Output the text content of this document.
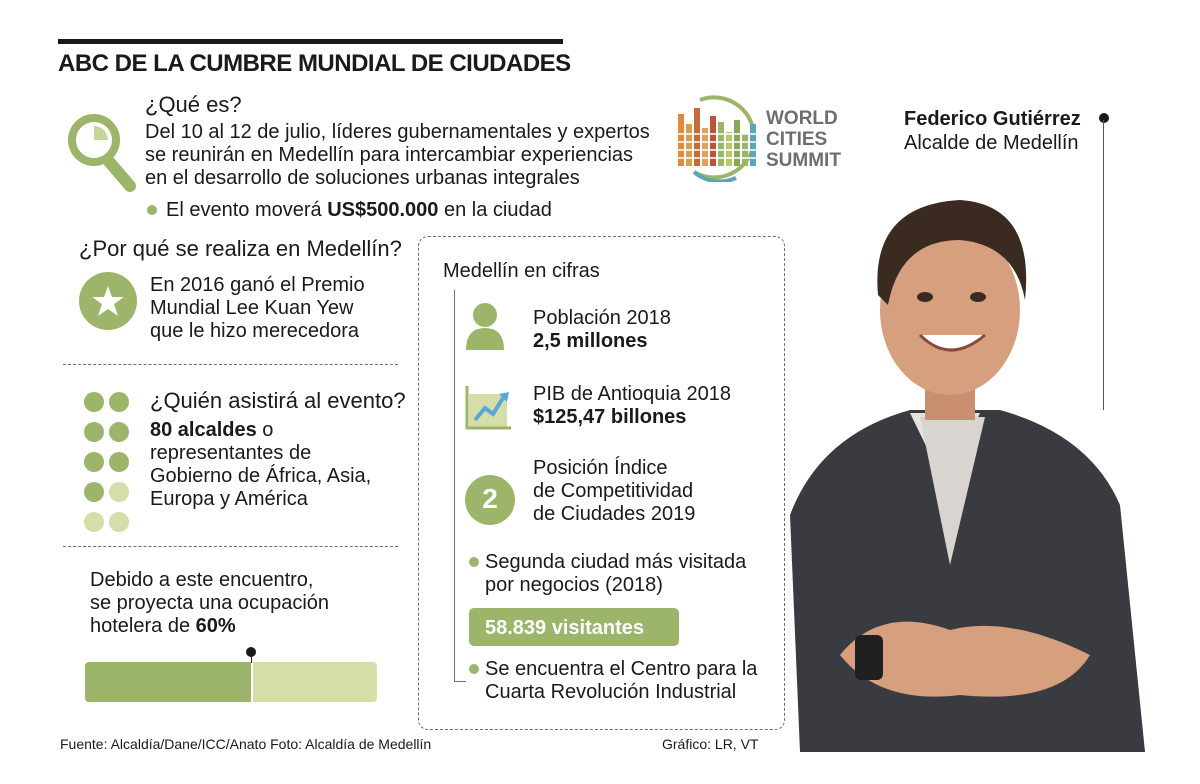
ABC DE LA CUMBRE MUNDIAL DE CIUDADES
¿Qué es?
Del 10 al 12 de julio, líderes gubernamentales y expertos
se reunirán en Medellín para intercambiar experiencias
en el desarrollo de soluciones urbanas integrales
El evento moverá US$500.000 en la ciudad
WORLD
CITIES
SUMMIT
Federico Gutiérrez
Alcalde de Medellín
¿Por qué se realiza en Medellín?
En 2016 ganó el Premio
Mundial Lee Kuan Yew
que le hizo merecedora
¿Quién asistirá al evento?
80 alcaldes o
representantes de
Gobierno de África, Asia,
Europa y América
Debido a este encuentro,
se proyecta una ocupación
hotelera de 60%
Medellín en cifras
Población 2018
2,5 millones
PIB de Antioquia 2018
$125,47 billones
2
Posición Índice
de Competitividad
de Ciudades 2019
Segunda ciudad más visitada
por negocios (2018)
58.839 visitantes
Se encuentra el Centro para la
Cuarta Revolución Industrial
Fuente: Alcaldía/Dane/ICC/Anato Foto: Alcaldía de Medellín	Gráfico: LR, VT
